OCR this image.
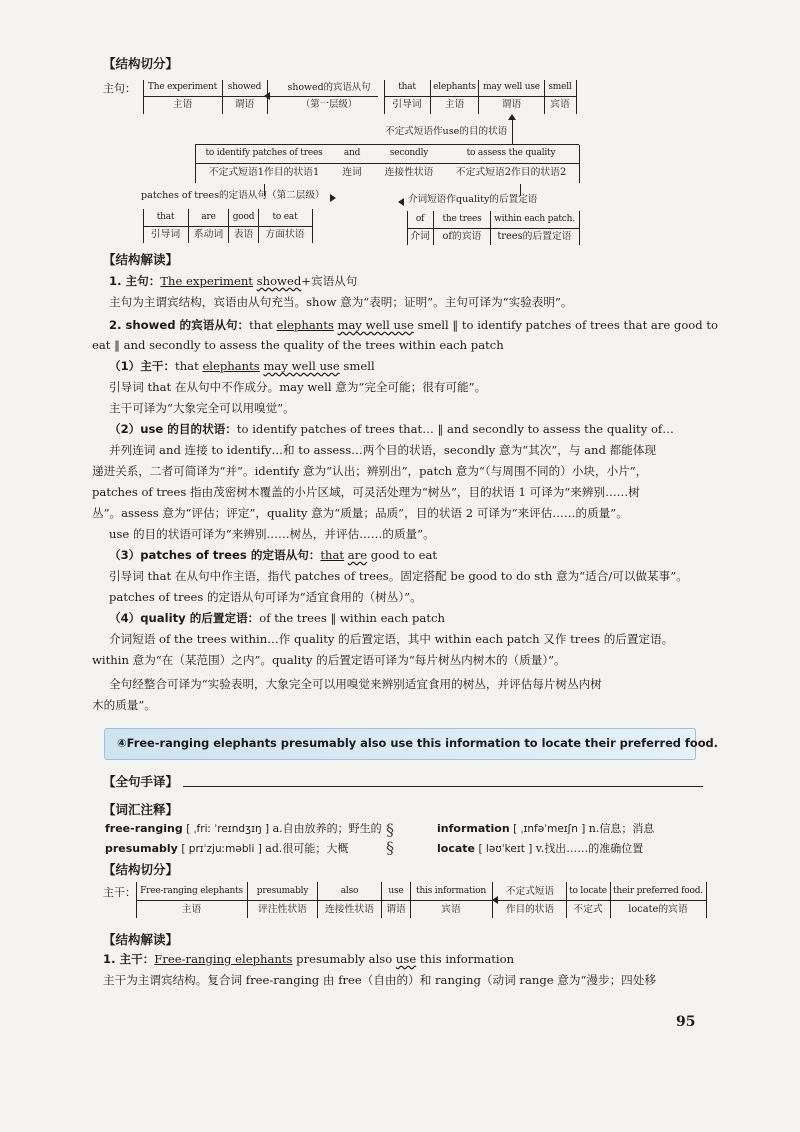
【结构切分】
主句：	The experiment
主语
showed
谓语
showed的宾语从句
（第一层级）
that
引导词
elephants
主语
may well use
谓语
smell
宾语
不定式短语作use的目的状语
to identify patches of trees
不定式短语1作目的状语1
and
连词
secondly
连接性状语
to assess the quality
不定式短语2作目的状语2
patches of trees的定语从句（第二层级）	介词短语作quality的后置定语
that
引导词
are
系动词
good
表语
to eat
方面状语
of
介词
the trees
of的宾语
within each patch.
trees的后置定语
【结构解读】
1. 主句：The experiment showed+宾语从句
主句为主谓宾结构，宾语由从句充当。show 意为“表明；证明”。主句可译为“实验表明”。
2. showed 的宾语从句：that elephants may well use smell ‖ to identify patches of trees that are good to
eat ‖ and secondly to assess the quality of the trees within each patch
（1）主干：that elephants may well use smell
引导词 that 在从句中不作成分。may well 意为“完全可能；很有可能”。
主干可译为“大象完全可以用嗅觉”。
（2）use 的目的状语：to identify patches of trees that… ‖ and secondly to assess the quality of…
并列连词 and 连接 to identify…和 to assess…两个目的状语，secondly 意为“其次”，与 and 都能体现
递进关系，二者可简译为“并”。identify 意为“认出；辨别出”，patch 意为“（与周围不同的）小块，小片”，
patches of trees 指由茂密树木覆盖的小片区域，可灵活处理为“树丛”，目的状语 1 可译为“来辨别……树
丛”。assess 意为“评估；评定”，quality 意为“质量；品质”，目的状语 2 可译为“来评估……的质量”。
use 的目的状语可译为“来辨别……树丛，并评估……的质量”。
（3）patches of trees 的定语从句：that are good to eat
引导词 that 在从句中作主语，指代 patches of trees。固定搭配 be good to do sth 意为“适合/可以做某事”。
patches of trees 的定语从句可译为“适宜食用的（树丛）”。
（4）quality 的后置定语：of the trees ‖ within each patch
介词短语 of the trees within…作 quality 的后置定语，其中 within each patch 又作 trees 的后置定语。
within 意为“在（某范围）之内”。quality 的后置定语可译为“每片树丛内树木的（质量）”。
全句经整合可译为“实验表明，大象完全可以用嗅觉来辨别适宜食用的树丛，并评估每片树丛内树
木的质量”。
④Free-ranging elephants presumably also use this information to locate their preferred food.
【全句手译】
【词汇注释】
free-ranging [ ˌfriː ˈreɪndʒɪŋ ] a.自由放养的；野生的
presumably [ prɪˈzjuːməbli ] ad.很可能；大概
§
§
information [ ˌɪnfəˈmeɪʃn ] n.信息；消息
locate [ ləʊˈkeɪt ] v.找出……的准确位置
【结构切分】
主干： Free-ranging elephants
主语
presumably
评注性状语
also
连接性状语
use
谓语
this information
宾语
不定式短语
作目的状语
to locate
不定式
their preferred food.
locate的宾语
【结构解读】
1. 主干：Free-ranging elephants presumably also use this information
主干为主谓宾结构。复合词 free-ranging 由 free（自由的）和 ranging（动词 range 意为“漫步；四处移
95
